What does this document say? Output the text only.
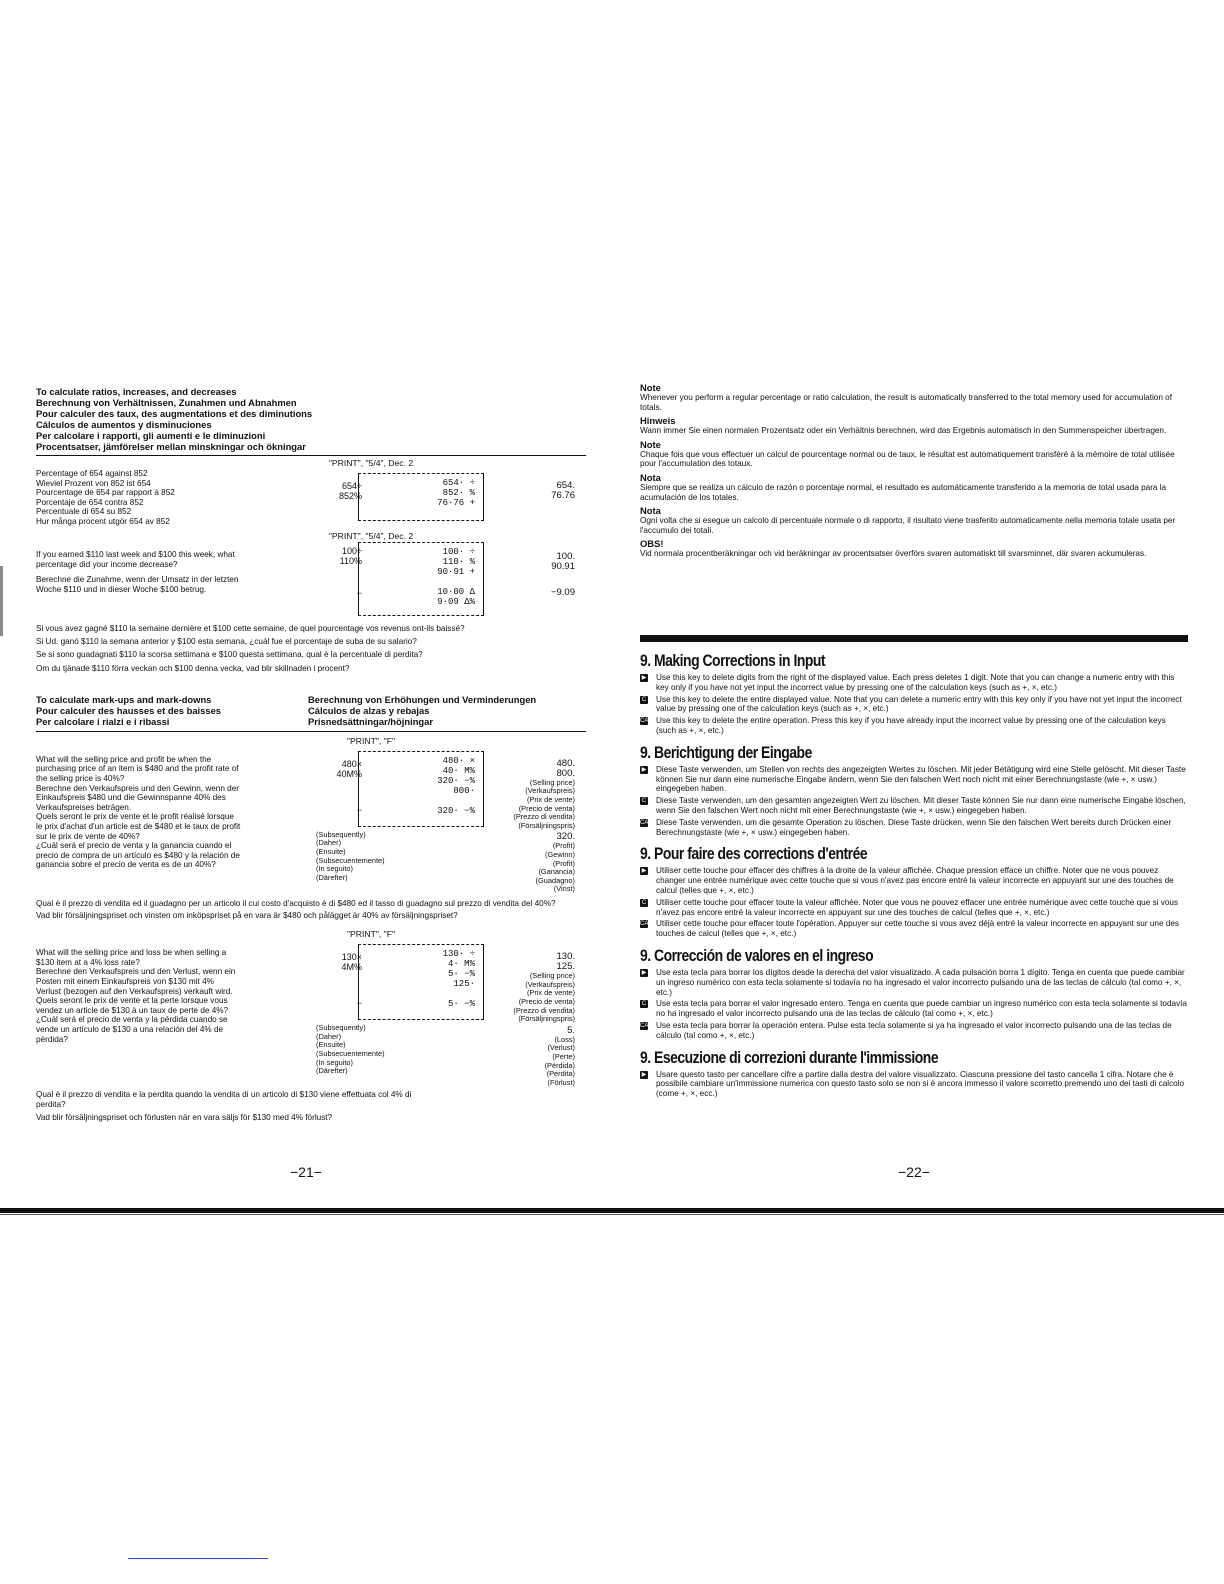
To calculate ratios, increases, and decreases
Berechnung von Verhältnissen, Zunahmen und Abnahmen
Pour calculer des taux, des augmentations et des diminutions
Cálculos de aumentos y disminuciones
Per calcolare i rapporti, gli aumenti e le diminuzioni
Procentsatser, jämförelser mellan minskningar och ökningar
"PRINT", "5/4", Dec. 2
Percentage of 654 against 852
Wieviel Prozent von 852 ist 654
Pourcentage de 654 par rapport à 852
Porcentaje de 654 contra 852
Percentuale di 654 su 852
Hur många procent utgör 654 av 852
654÷
852%
654· ÷
852· %
76·76 +
654.
76.76
"PRINT", "5/4", Dec. 2
If you earned $110 last week and $100 this week, what percentage did your income decrease?
Berechne die Zunahme, wenn der Umsatz in der letzten Woche $110 und in dieser Woche $100 betrug.
100÷
110%
−
100· ÷
110· %
90·91 +
10·00 Δ
9·09 Δ%
100.
90.91
−9.09
Si vous avez gagné $110 la semaine dernière et $100 cette semaine, de quel pourcentage vos revenus ont-ils baissé?
Si Ud. ganó $110 la semana anterior y $100 esta semana, ¿cuál fue el porcentaje de suba de su salario?
Se si sono guadagnati $110 la scorsa settimana e $100 questa settimana, qual è la percentuale di perdita?
Om du tjänade $110 förra veckan och $100 denna vecka, vad blir skillnaden i procent?
To calculate mark-ups and mark-downs
Pour calculer des hausses et des baisses
Per calcolare i rialzi e i ribassi
Berechnung von Erhöhungen und Verminderungen
Cálculos de alzas y rebajas
Prisnedsättningar/höjningar
"PRINT", "F"
What will the selling price and profit be when the purchasing price of an item is $480 and the profit rate of the selling price is 40%?
Berechne den Verkaufspreis und den Gewinn, wenn der Einkaufspreis $480 und die Gewinnspanne 40% des Verkaufspreises beträgen.
Quels seront le prix de vente et le profit réalisé lorsque le prix d'achat d'un article est de $480 et le taux de profit sur le prix de vente de 40%?
¿Cuál será el precio de venta y la ganancia cuando el precio de compra de un artículo es $480 y la relación de ganancia sobre el precio de venta es de un 40%?
480×
40M%
−
480· ×
40· M%
320· −%
800·
320· −%
(Subsequently)
(Daher)
(Ensuite)
(Subsecuentemente)
(In seguito)
(Därefter)
480.
800.
(Selling price)
(Verkaufspreis)
(Prix de vente)
(Precio de venta)
(Prezzo di vendita)
(Försäljningspris)
320.
(Profit)
(Gewinn)
(Profit)
(Ganancia)
(Guadagno)
(Vinst)
Qual è il prezzo di vendita ed il guadagno per un articolo il cui costo d'acquisto è di $480 ed il tasso di guadagno sul prezzo di vendita del 40%?
Vad blir försäljningspriset och vinsten om inköpspriset på en vara är $480 och pålägget är 40% av försäljningspriset?
"PRINT", "F"
What will the selling price and loss be when selling a $130 item at a 4% loss rate?
Berechne den Verkaufspreis und den Verlust, wenn ein Posten mit einem Einkaufspreis von $130 mit 4% Verlust (bezogen auf den Verkaufspreis) verkauft wird.
Quels seront le prix de vente et la perte lorsque vous vendez un article de $130 à un taux de perte de 4%?
¿Cuál será el precio de venta y la pérdida cuando se vende un artículo de $130 a una relación del 4% de pérdida?
130×
4M%
−
130· ÷
4· M%
5· −%
125·
5· −%
(Subsequently)
(Daher)
(Ensuite)
(Subsecuentemente)
(In seguito)
(Därefter)
130.
125.
(Selling price)
(Verkaufspreis)
(Prix de vente)
(Precio de venta)
(Prezzo di vendita)
(Försäljningspris)
5.
(Loss)
(Verlust)
(Perte)
(Pérdida)
(Perdita)
(Förlust)
Qual è il prezzo di vendita e la perdita quando la vendita di un articolo di $130 viene effettuata col 4% di perdita?
Vad blir försäljningspriset och förlusten när en vara säljs för $130 med 4% förlust?
−21−
Note
Whenever you perform a regular percentage or ratio calculation, the result is automatically transferred to the total memory used for accumulation of totals.
Hinweis
Wann immer Sie einen normalen Prozentsatz oder ein Verhältnis berechnen, wird das Ergebnis automatisch in den Summenspeicher übertragen.
Note
Chaque fois que vous effectuer un calcul de pourcentage normal ou de taux, le résultat est automatiquement transféré à la mémoire de total utilisée pour l'accumulation des totaux.
Nota
Siempre que se realiza un cálculo de razón o porcentaje normal, el resultado es automáticamente transferido a la memoria de total usada para la acumulación de los totales.
Nota
Ogni volta che si esegue un calcolo di percentuale normale o di rapporto, il risultato viene trasferito automaticamente nella memoria totale usata per l'accumulo dei totali.
OBS!
Vid normala procentberäkningar och vid beräkningar av procentsatser överförs svaren automatiskt till svarsminnet, där svaren ackumuleras.
9. Making Corrections in Input
▶ Use this key to delete digits from the right of the displayed value. Each press deletes 1 digit. Note that you can change a numeric entry with this key only if you have not yet input the incorrect value by pressing one of the calculation keys (such as +, ×, etc.)
C Use this key to delete the entire displayed value. Note that you can delete a numeric entry with this key only if you have not yet input the incorrect value by pressing one of the calculation keys (such as +, ×, etc.)
CA Use this key to delete the entire operation. Press this key if you have already input the incorrect value by pressing one of the calculation keys (such as +, ×, etc.)
9. Berichtigung der Eingabe
▶ Diese Taste verwenden, um Stellen von rechts des angezeigten Wertes zu löschen. Mit jeder Betätigung wird eine Stelle gelöscht. Mit dieser Taste können Sie nur dann eine numerische Eingabe ändern, wenn Sie den falschen Wert noch nicht mit einer Berechnungstaste (wie +, × usw.) eingegeben haben.
C Diese Taste verwenden, um den gesamten angezeigten Wert zu löschen. Mit dieser Taste können Sie nur dann eine numerische Eingabe löschen, wenn Sie den falschen Wert noch nicht mit einer Berechnungstaste (wie +, × usw.) eingegeben haben.
CA Diese Taste verwenden, um die gesamte Operation zu löschen. Diese Taste drücken, wenn Sie den falschen Wert bereits durch Drücken einer Berechnungstaste (wie +, × usw.) eingegeben haben.
9. Pour faire des corrections d'entrée
▶ Utiliser cette touche pour effacer des chiffres à la droite de la valeur affichée. Chaque pression efface un chiffre. Noter que ne vous pouvez changer une entrée numérique avec cette touche que si vous n'avez pas encore entré la valeur incorrecte en appuyant sur une des touches de calcul (telles que +, ×, etc.)
C Utiliser cette touche pour effacer toute la valeur affichée. Noter que vous ne pouvez effacer une entrée numérique avec cette touche que si vous n'avez pas encore entré la valeur incorrecte en appuyant sur une des touches de calcul (telles que +, ×, etc.)
CA Utiliser cette touche pour effacer toute l'opération. Appuyer sur cette touche si vous avez déjà entré la valeur incorrecte en appuyant sur une des touches de calcul (telles que +, ×, etc.)
9. Corrección de valores en el ingreso
▶ Use esta tecla para borrar los dígitos desde la derecha del valor visualizado. A cada pulsación borra 1 dígito. Tenga en cuenta que puede cambiar un ingreso numérico con esta tecla solamente si todavía no ha ingresado el valor incorrecto pulsando una de las teclas de cálculo (tal como +, ×, etc.)
C Use esta tecla para borrar el valor ingresado entero. Tenga en cuenta que puede cambiar un ingreso numérico con esta tecla solamente si todavía no ha ingresado el valor incorrecto pulsando una de las teclas de cálculo (tal como +, ×, etc.)
CA Use esta tecla para borrar la operación entera. Pulse esta tecla solamente si ya ha ingresado el valor incorrecto pulsando una de las teclas de cálculo (tal como +, ×, etc.)
9. Esecuzione di correzioni durante l'immissione
▶ Usare questo tasto per cancellare cifre a partire dalla destra del valore visualizzato. Ciascuna pressione del tasto cancella 1 cifra. Notare che è possibile cambiare un'immissione numerica con questo tasto solo se non si è ancora immesso il valore scorretto premendo uno dei tasti di calcolo (come +, ×, ecc.)
−22−
